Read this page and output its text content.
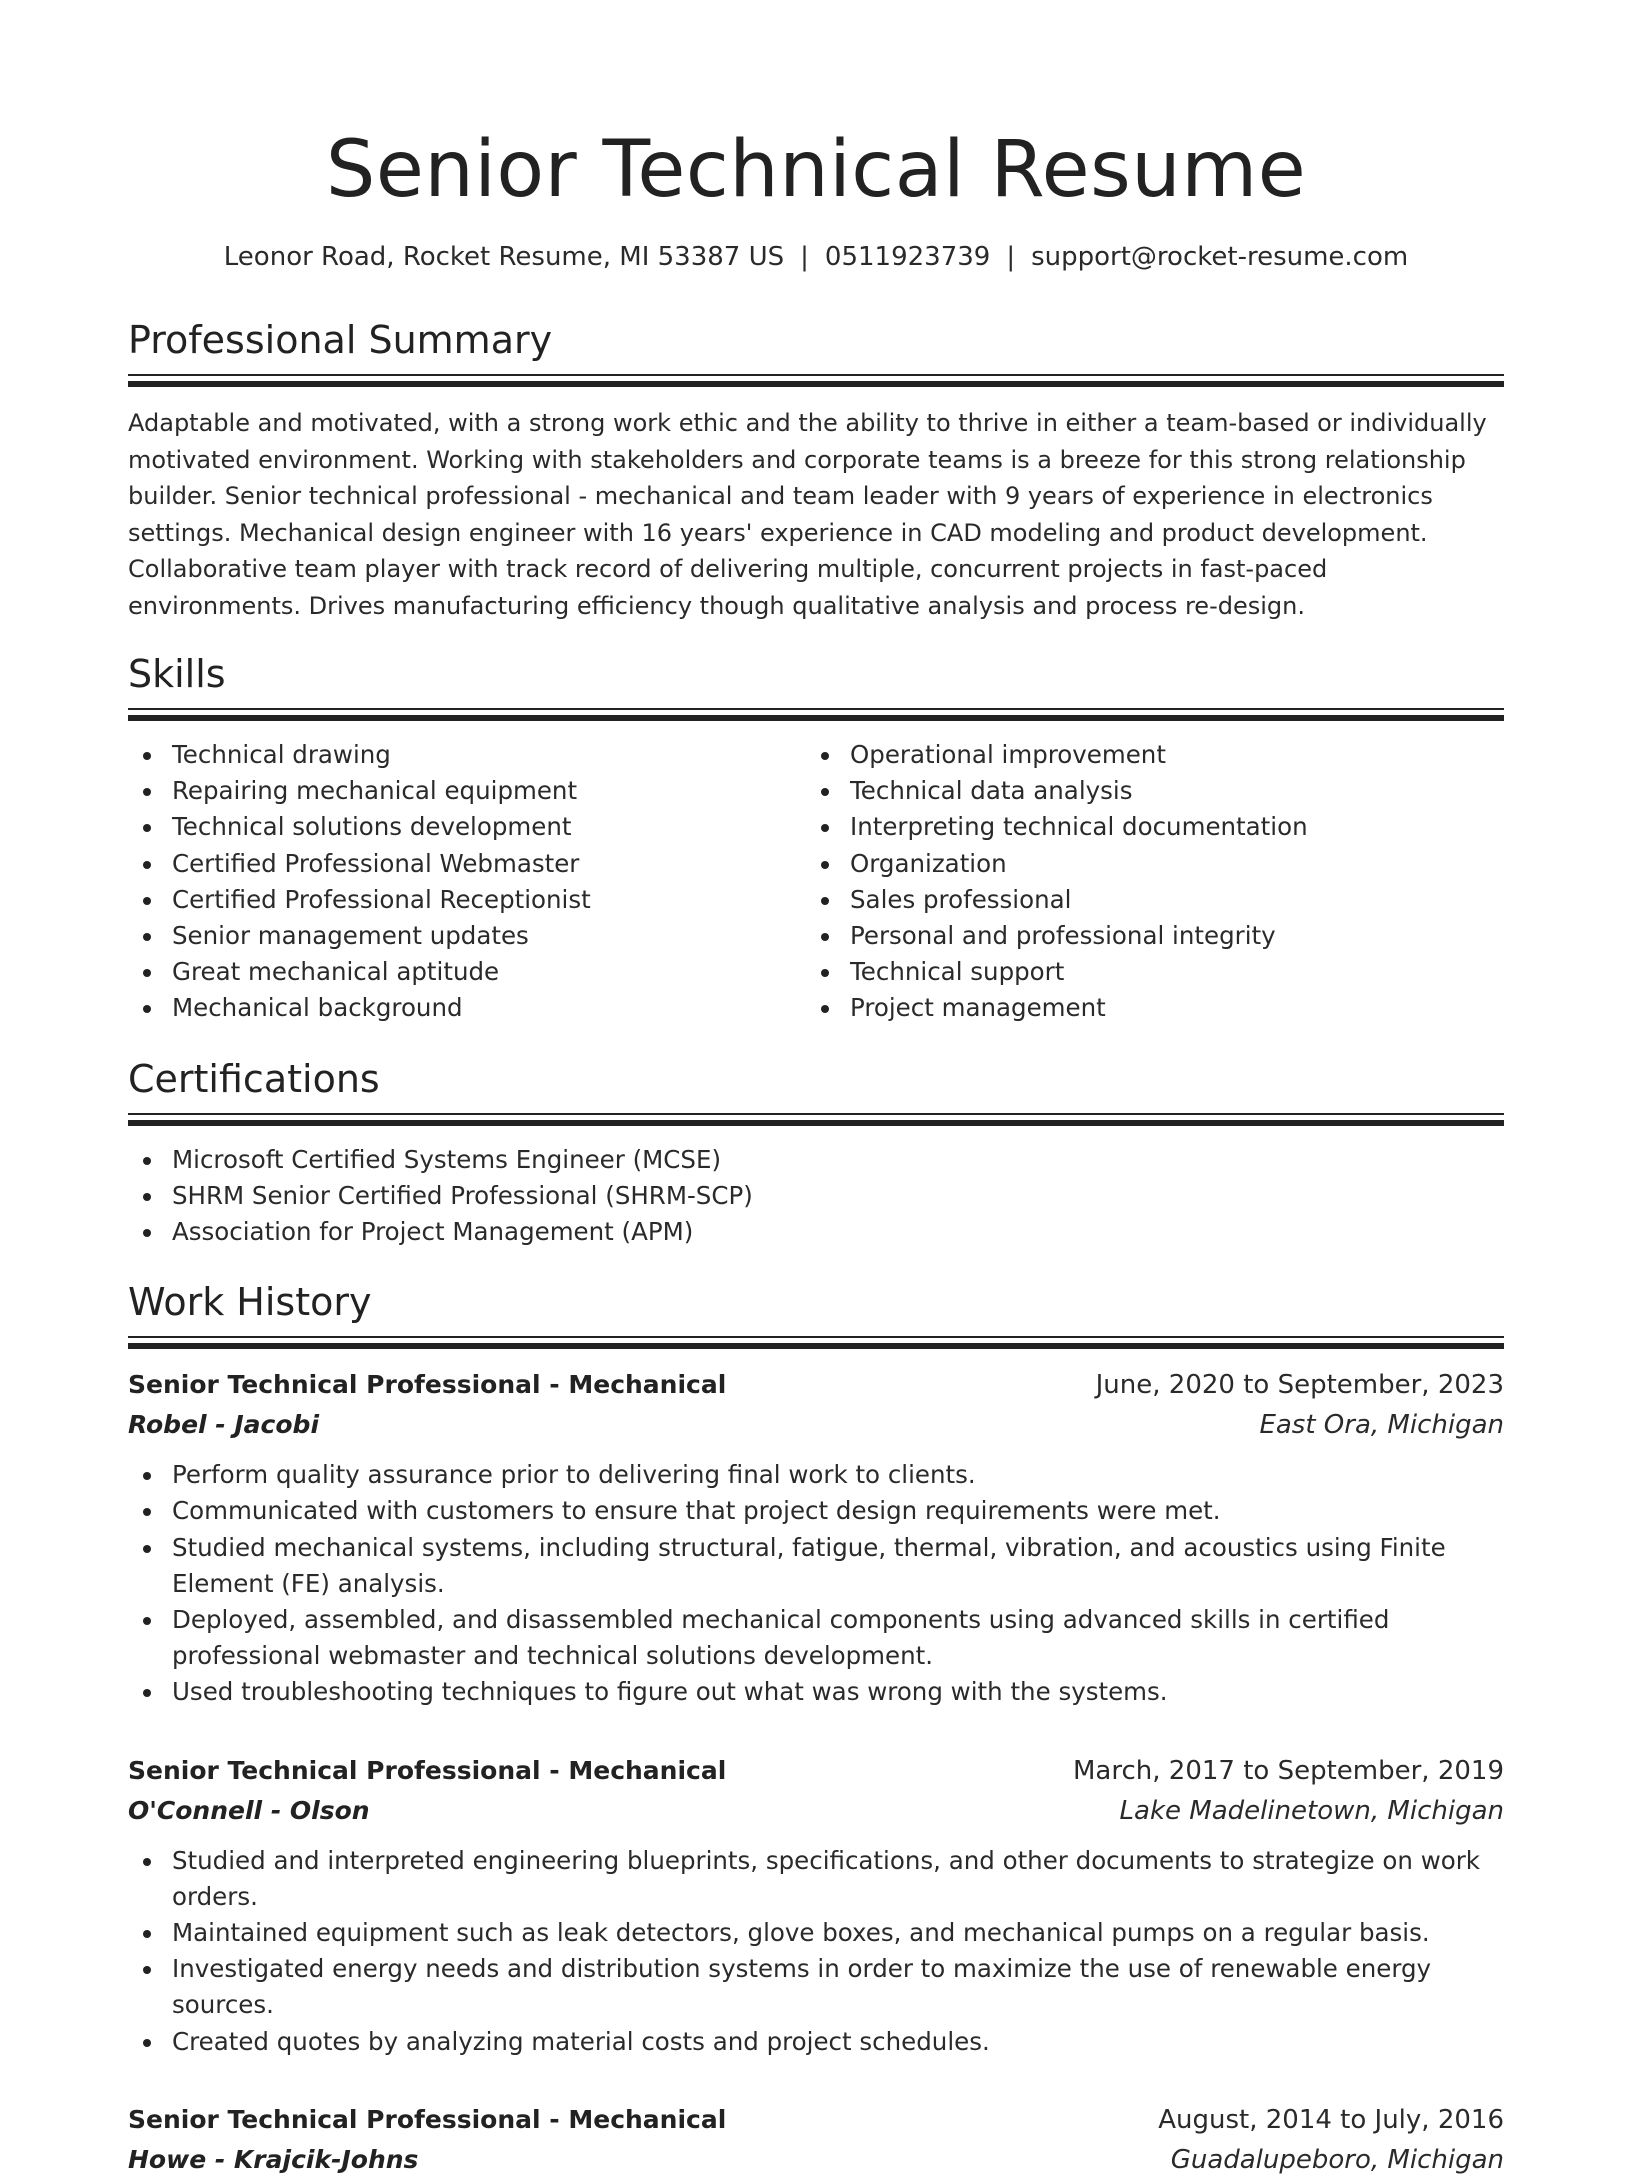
Senior Technical Resume
Leonor Road, Rocket Resume, MI 53387 US | 0511923739 | support@rocket-resume.com
Professional Summary

Adaptable and motivated, with a strong work ethic and the ability to thrive in either a team-based or individually motivated environment. Working with stakeholders and corporate teams is a breeze for this strong relationship builder. Senior technical professional - mechanical and team leader with 9 years of experience in electronics settings. Mechanical design engineer with 16 years' experience in CAD modeling and product development. Collaborative team player with track record of delivering multiple, concurrent projects in fast-paced environments. Drives manufacturing efficiency though qualitative analysis and process re-design.

Skills
Technical drawing
Repairing mechanical equipment
Technical solutions development
Certified Professional Webmaster
Certified Professional Receptionist
Senior management updates
Great mechanical aptitude
Mechanical background
Operational improvement
Technical data analysis
Interpreting technical documentation
Organization
Sales professional
Personal and professional integrity
Technical support
Project management
Certifications
Microsoft Certified Systems Engineer (MCSE)
SHRM Senior Certified Professional (SHRM-SCP)
Association for Project Management (APM)
Work History
Senior Technical Professional - Mechanical	June, 2020 to September, 2023
Robel - Jacobi	East Ora, Michigan
Perform quality assurance prior to delivering final work to clients.
Communicated with customers to ensure that project design requirements were met.
Studied mechanical systems, including structural, fatigue, thermal, vibration, and acoustics using Finite Element (FE) analysis.
Deployed, assembled, and disassembled mechanical components using advanced skills in certified professional webmaster and technical solutions development.
Used troubleshooting techniques to figure out what was wrong with the systems.
Senior Technical Professional - Mechanical	March, 2017 to September, 2019
O'Connell - Olson	Lake Madelinetown, Michigan
Studied and interpreted engineering blueprints, specifications, and other documents to strategize on work orders.
Maintained equipment such as leak detectors, glove boxes, and mechanical pumps on a regular basis.
Investigated energy needs and distribution systems in order to maximize the use of renewable energy sources.
Created quotes by analyzing material costs and project schedules.
Senior Technical Professional - Mechanical	August, 2014 to July, 2016
Howe - Krajcik-Johns	Guadalupeboro, Michigan
